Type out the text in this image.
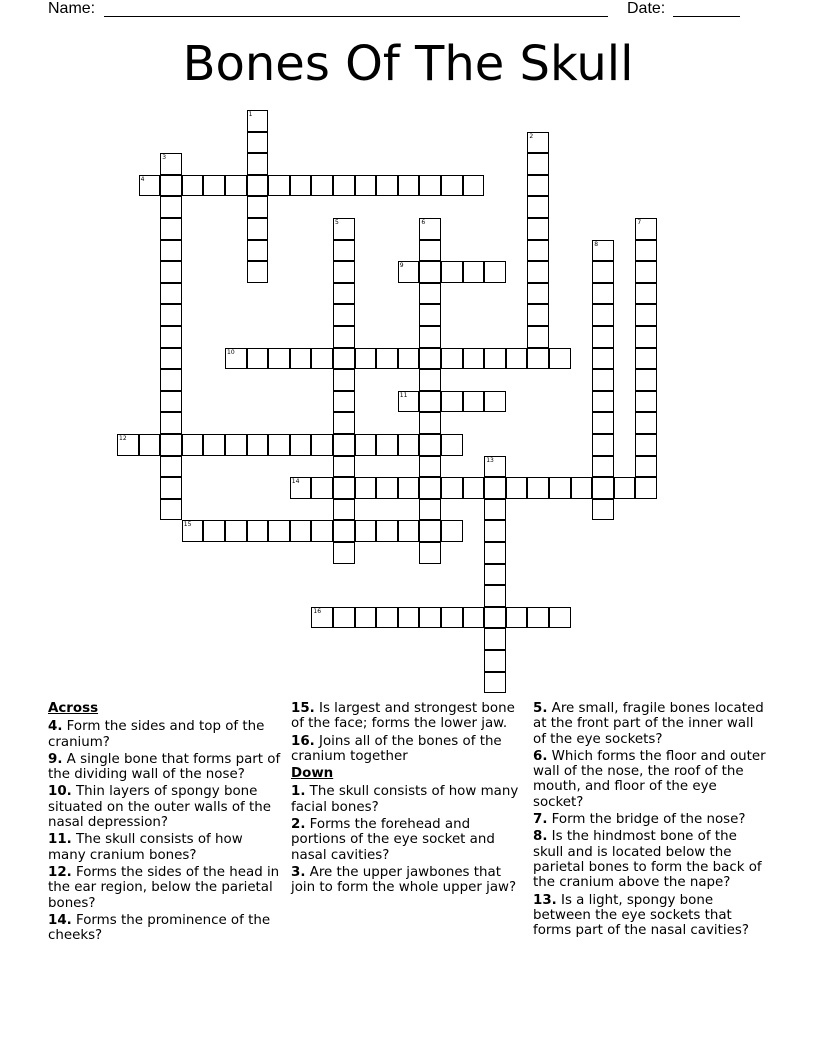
Name:	Date:
Bones Of The Skull
1
2
3
4
5	6	7
8
9
10
11
12
13
14
15
16
Across
4. Form the sides and top of the cranium?
9. A single bone that forms part of the dividing wall of the nose?
10. Thin layers of spongy bone situated on the outer walls of the nasal depression?
11. The skull consists of how many cranium bones?
12. Forms the sides of the head in the ear region, below the parietal bones?
14. Forms the prominence of the cheeks?
15. Is largest and strongest bone of the face; forms the lower jaw.
16. Joins all of the bones of the cranium together
Down
1. The skull consists of how many facial bones?
2. Forms the forehead and portions of the eye socket and nasal cavities?
3. Are the upper jawbones that join to form the whole upper jaw?
5. Are small, fragile bones located at the front part of the inner wall of the eye sockets?
6. Which forms the floor and outer wall of the nose, the roof of the mouth, and floor of the eye socket?
7. Form the bridge of the nose?
8. Is the hindmost bone of the skull and is located below the parietal bones to form the back of the cranium above the nape?
13. Is a light, spongy bone between the eye sockets that forms part of the nasal cavities?
